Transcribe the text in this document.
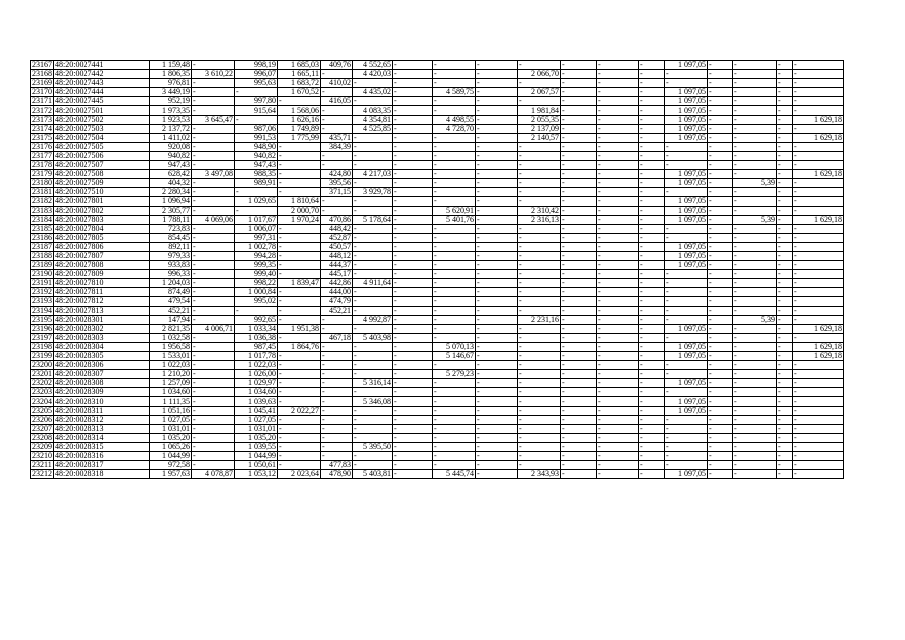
23167	48:20:0027441	1 159,48	-	998,19	1 685,03	409,76	4 552,65	-	-	-	-	-	-	-	1 097,05	-	-	-	-
23168	48:20:0027442	1 806,35	3 610,22	996,07	1 665,11	-	4 420,03	-	-	-	2 066,70	-	-	-	-	-	-	-	-
23169	48:20:0027443	976,81	-	995,63	1 683,72	410,02	-	-	-	-	-	-	-	-	-	-	-	-	-
23170	48:20:0027444	3 449,19	-	-	1 670,52	-	4 435,02	-	4 589,75	-	2 067,57	-	-	-	1 097,05	-	-	-	-
23171	48:20:0027445	952,19	-	997,80	-	416,05	-	-	-	-	-	-	-	-	1 097,05	-	-	-	-
23172	48:20:0027501	1 973,35	-	915,64	1 568,06	-	4 083,35	-	-	-	1 981,84	-	-	-	1 097,05	-	-	-	-
23173	48:20:0027502	1 923,53	3 645,47	-	1 626,16	-	4 354,81	-	4 498,55	-	2 055,35	-	-	-	1 097,05	-	-	-	1 629,18
23174	48:20:0027503	2 137,72	-	987,06	1 749,89	-	4 525,85	-	4 728,70	-	2 137,09	-	-	-	1 097,05	-	-	-	-
23175	48:20:0027504	1 411,02	-	991,53	1 775,99	435,71	-	-	-	-	2 140,57	-	-	-	1 097,05	-	-	-	1 629,18
23176	48:20:0027505	920,08	-	948,90	-	384,39	-	-	-	-	-	-	-	-	-	-	-	-	-
23177	48:20:0027506	940,82	-	940,82	-	-	-	-	-	-	-	-	-	-	-	-	-	-	-
23178	48:20:0027507	947,43	-	947,43	-	-	-	-	-	-	-	-	-	-	-	-	-	-	-
23179	48:20:0027508	628,42	3 497,08	988,35	-	424,80	4 217,03	-	-	-	-	-	-	-	1 097,05	-	-	-	1 629,18
23180	48:20:0027509	404,32	-	989,91	-	395,56	-	-	-	-	-	-	-	-	1 097,05	-	5,39	-	-
23181	48:20:0027510	2 280,34	-	-	-	371,15	3 929,78	-	-	-	-	-	-	-	-	-	-	-	-
23182	48:20:0027801	1 096,94	-	1 029,65	1 810,64	-	-	-	-	-	-	-	-	-	1 097,05	-	-	-	-
23183	48:20:0027802	2 305,77	-	-	2 000,70	-	-	-	5 620,91	-	2 310,42	-	-	-	1 097,05	-	-	-	-
23184	48:20:0027803	1 788,11	4 069,06	1 017,67	1 970,24	470,86	5 178,64	-	5 401,76	-	2 316,13	-	-	-	1 097,05	-	5,39	-	1 629,18
23185	48:20:0027804	723,83	-	1 006,07	-	448,42	-	-	-	-	-	-	-	-	-	-	-	-	-
23186	48:20:0027805	854,45	-	997,31	-	452,87	-	-	-	-	-	-	-	-	-	-	-	-	-
23187	48:20:0027806	892,11	-	1 002,78	-	450,57	-	-	-	-	-	-	-	-	1 097,05	-	-	-	-
23188	48:20:0027807	979,33	-	994,28	-	448,12	-	-	-	-	-	-	-	-	1 097,05	-	-	-	-
23189	48:20:0027808	933,83	-	999,35	-	444,37	-	-	-	-	-	-	-	-	1 097,05	-	-	-	-
23190	48:20:0027809	996,33	-	999,40	-	445,17	-	-	-	-	-	-	-	-	-	-	-	-	-
23191	48:20:0027810	1 204,03	-	998,22	1 839,47	442,86	4 911,64	-	-	-	-	-	-	-	-	-	-	-	-
23192	48:20:0027811	874,49	-	1 000,84	-	444,00	-	-	-	-	-	-	-	-	-	-	-	-	-
23193	48:20:0027812	479,54	-	995,02	-	474,79	-	-	-	-	-	-	-	-	-	-	-	-	-
23194	48:20:0027813	452,21	-	-	-	452,21	-	-	-	-	-	-	-	-	-	-	-	-	-
23195	48:20:0028301	147,94	-	992,65	-	-	4 992,87	-	-	-	2 231,16	-	-	-	-	-	5,39	-	-
23196	48:20:0028302	2 821,35	4 006,71	1 033,34	1 951,38	-	-	-	-	-	-	-	-	-	1 097,05	-	-	-	1 629,18
23197	48:20:0028303	1 032,58	-	1 036,38	-	467,18	5 403,98	-	-	-	-	-	-	-	-	-	-	-	-
23198	48:20:0028304	1 956,58	-	987,45	1 864,76	-	-	-	5 070,13	-	-	-	-	-	1 097,05	-	-	-	1 629,18
23199	48:20:0028305	1 533,01	-	1 017,78	-	-	-	-	5 146,67	-	-	-	-	-	1 097,05	-	-	-	1 629,18
23200	48:20:0028306	1 022,03	-	1 022,03	-	-	-	-	-	-	-	-	-	-	-	-	-	-	-
23201	48:20:0028307	1 210,20	-	1 026,00	-	-	-	-	5 279,23	-	-	-	-	-	-	-	-	-	-
23202	48:20:0028308	1 257,09	-	1 029,97	-	-	5 316,14	-	-	-	-	-	-	-	1 097,05	-	-	-	-
23203	48:20:0028309	1 034,60	-	1 034,60	-	-	-	-	-	-	-	-	-	-	-	-	-	-	-
23204	48:20:0028310	1 111,35	-	1 039,63	-	-	5 346,08	-	-	-	-	-	-	-	1 097,05	-	-	-	-
23205	48:20:0028311	1 051,16	-	1 045,41	2 022,27	-	-	-	-	-	-	-	-	-	1 097,05	-	-	-	-
23206	48:20:0028312	1 027,05	-	1 027,05	-	-	-	-	-	-	-	-	-	-	-	-	-	-	-
23207	48:20:0028313	1 031,01	-	1 031,01	-	-	-	-	-	-	-	-	-	-	-	-	-	-	-
23208	48:20:0028314	1 035,20	-	1 035,20	-	-	-	-	-	-	-	-	-	-	-	-	-	-	-
23209	48:20:0028315	1 065,26	-	1 039,55	-	-	5 395,50	-	-	-	-	-	-	-	-	-	-	-	-
23210	48:20:0028316	1 044,99	-	1 044,99	-	-	-	-	-	-	-	-	-	-	-	-	-	-	-
23211	48:20:0028317	972,58	-	1 050,61	-	477,83	-	-	-	-	-	-	-	-	-	-	-	-	-
23212	48:20:0028318	1 957,63	4 078,87	1 053,12	2 023,64	478,90	5 403,81	-	5 445,74	-	2 343,93	-	-	-	1 097,05	-	-	-	-
